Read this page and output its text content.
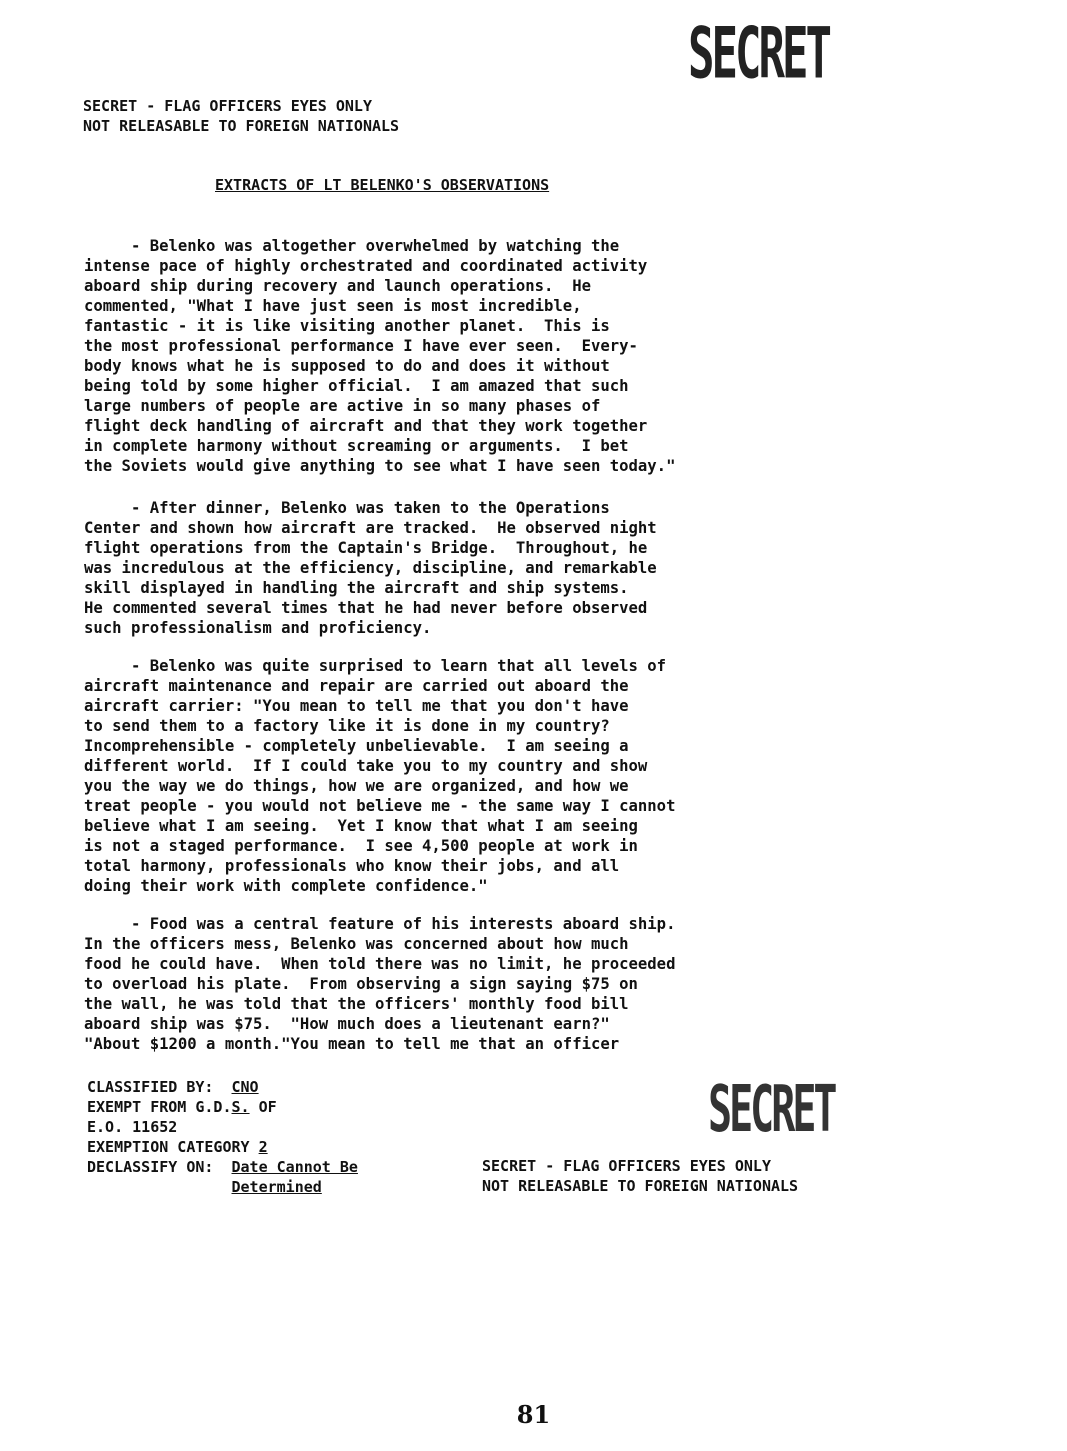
SECRET
SECRET - FLAG OFFICERS EYES ONLY
NOT RELEASABLE TO FOREIGN NATIONALS
EXTRACTS OF LT BELENKO'S OBSERVATIONS
- Belenko was altogether overwhelmed by watching the
intense pace of highly orchestrated and coordinated activity
aboard ship during recovery and launch operations.  He
commented, "What I have just seen is most incredible,
fantastic - it is like visiting another planet.  This is
the most professional performance I have ever seen.  Every-
body knows what he is supposed to do and does it without
being told by some higher official.  I am amazed that such
large numbers of people are active in so many phases of
flight deck handling of aircraft and that they work together
in complete harmony without screaming or arguments.  I bet
the Soviets would give anything to see what I have seen today."
- After dinner, Belenko was taken to the Operations
Center and shown how aircraft are tracked.  He observed night
flight operations from the Captain's Bridge.  Throughout, he
was incredulous at the efficiency, discipline, and remarkable
skill displayed in handling the aircraft and ship systems.
He commented several times that he had never before observed
such professionalism and proficiency.
- Belenko was quite surprised to learn that all levels of
aircraft maintenance and repair are carried out aboard the
aircraft carrier: "You mean to tell me that you don't have
to send them to a factory like it is done in my country?
Incomprehensible - completely unbelievable.  I am seeing a
different world.  If I could take you to my country and show
you the way we do things, how we are organized, and how we
treat people - you would not believe me - the same way I cannot
believe what I am seeing.  Yet I know that what I am seeing
is not a staged performance.  I see 4,500 people at work in
total harmony, professionals who know their jobs, and all
doing their work with complete confidence."
- Food was a central feature of his interests aboard ship.
In the officers mess, Belenko was concerned about how much
food he could have.  When told there was no limit, he proceeded
to overload his plate.  From observing a sign saying $75 on
the wall, he was told that the officers' monthly food bill
aboard ship was $75.  "How much does a lieutenant earn?"
"About $1200 a month."You mean to tell me that an officer
CLASSIFIED BY: CNO
EXEMPT FROM G.D.S. OF
E.O. 11652
EXEMPTION CATEGORY 2
DECLASSIFY ON: Date Cannot Be
Determined
SECRET
SECRET - FLAG OFFICERS EYES ONLY
NOT RELEASABLE TO FOREIGN NATIONALS
81
